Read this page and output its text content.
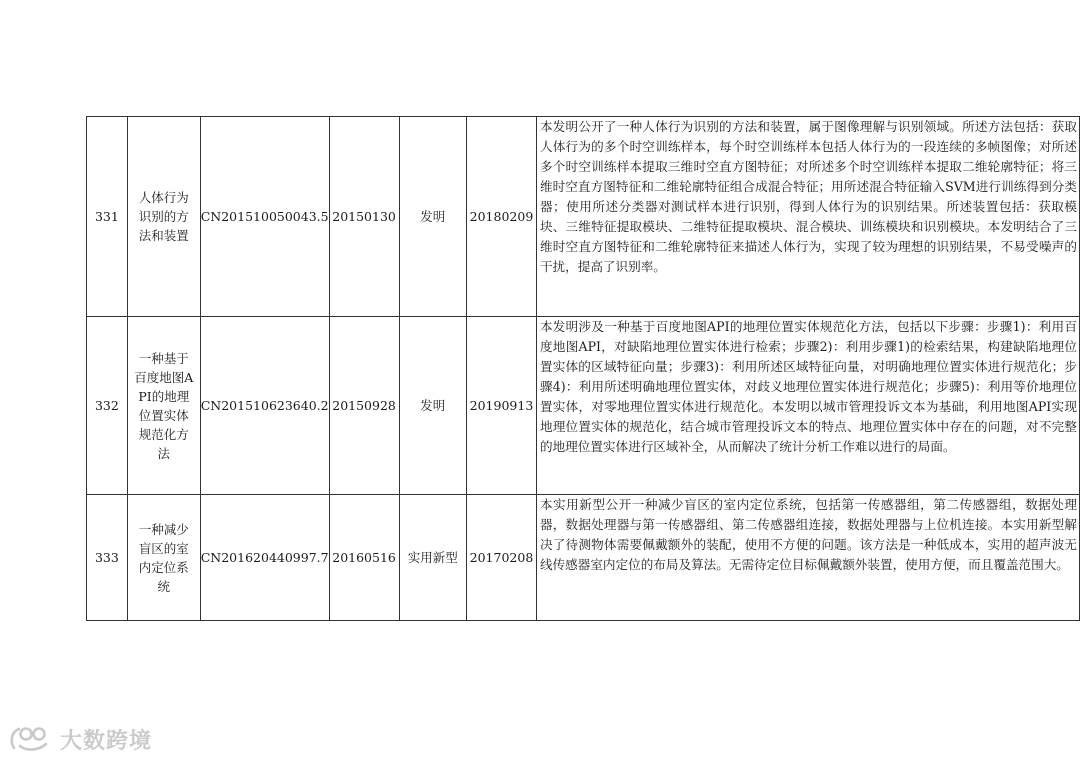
331	人体行为识别的方法和装置	CN201510050043.5	20150130	发明	20180209	本发明公开了一种人体行为识别的方法和装置，属于图像理解与识别领域。所述方法包括：获取人体行为的多个时空训练样本，每个时空训练样本包括人体行为的一段连续的多帧图像；对所述多个时空训练样本提取三维时空直方图特征；对所述多个时空训练样本提取二维轮廓特征；将三维时空直方图特征和二维轮廓特征组合成混合特征；用所述混合特征输入SVM进行训练得到分类器；使用所述分类器对测试样本进行识别，得到人体行为的识别结果。所述装置包括：获取模块、三维特征提取模块、二维特征提取模块、混合模块、训练模块和识别模块。本发明结合了三维时空直方图特征和二维轮廓特征来描述人体行为，实现了较为理想的识别结果，不易受噪声的干扰，提高了识别率。
332	一种基于百度地图API的地理位置实体规范化方法	CN201510623640.2	20150928	发明	20190913	本发明涉及一种基于百度地图API的地理位置实体规范化方法，包括以下步骤：步骤1)：利用百度地图API，对缺陷地理位置实体进行检索；步骤2)：利用步骤1)的检索结果，构建缺陷地理位置实体的区域特征向量；步骤3)：利用所述区域特征向量，对明确地理位置实体进行规范化；步骤4)：利用所述明确地理位置实体，对歧义地理位置实体进行规范化；步骤5)：利用等价地理位置实体，对零地理位置实体进行规范化。本发明以城市管理投诉文本为基础，利用地图API实现地理位置实体的规范化，结合城市管理投诉文本的特点、地理位置实体中存在的问题，对不完整的地理位置实体进行区域补全，从而解决了统计分析工作难以进行的局面。
333	一种减少盲区的室内定位系统	CN201620440997.7	20160516	实用新型	20170208	本实用新型公开一种减少盲区的室内定位系统，包括第一传感器组，第二传感器组，数据处理器，数据处理器与第一传感器组、第二传感器组连接，数据处理器与上位机连接。本实用新型解决了待测物体需要佩戴额外的装配，使用不方便的问题。该方法是一种低成本，实用的超声波无线传感器室内定位的布局及算法。无需待定位目标佩戴额外装置，使用方便，而且覆盖范围大。
大数跨境
